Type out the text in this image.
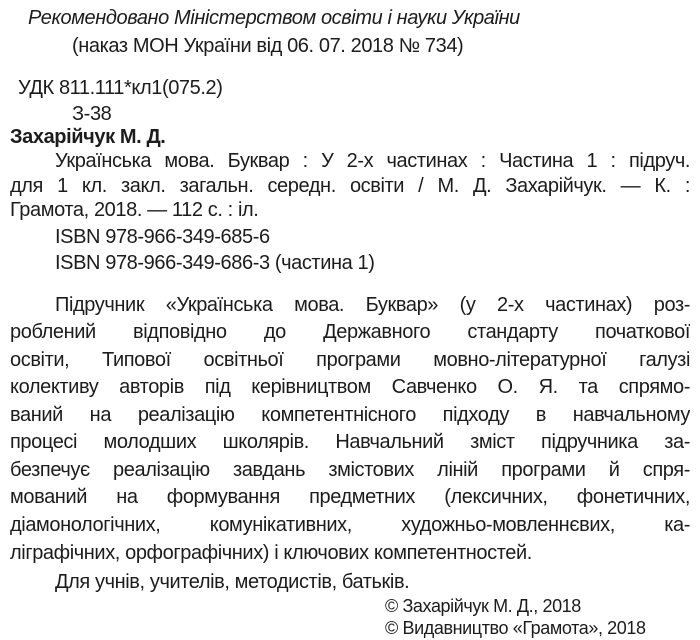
Рекомендовано Міністерством освіти і науки України
(наказ МОН України від 06. 07. 2018 № 734)
УДК 811.111*кл1(075.2)
З-38
Захарійчук М. Д.
Українська мова. Буквар : У 2-х частинах : Частина 1 : підруч.
для 1 кл. закл. загальн. середн. освіти / М. Д. Захарійчук. — К. :
Грамота, 2018. — 112 с. : іл.
ISBN 978-966-349-685-6
ISBN 978-966-349-686-3 (частина 1)
Підручник «Українська мова. Буквар» (у 2-х частинах) роз-
роблений відповідно до Державного стандарту початкової
освіти, Типової освітньої програми мовно-літературної галузі
колективу авторів під керівництвом Савченко О. Я. та спрямо-
ваний на реалізацію компетентнісного підходу в навчальному
процесі молодших школярів. Навчальний зміст підручника за-
безпечує реалізацію завдань змістових ліній програми й спря-
мований на формування предметних (лексичних, фонетичних,
діамонологічних, комунікативних, художньо-мовленнєвих, ка-
ліграфічних, орфографічних) і ключових компетентностей.
Для учнів, учителів, методистів, батьків.
© Захарійчук М. Д., 2018
© Видавництво «Грамота», 2018
